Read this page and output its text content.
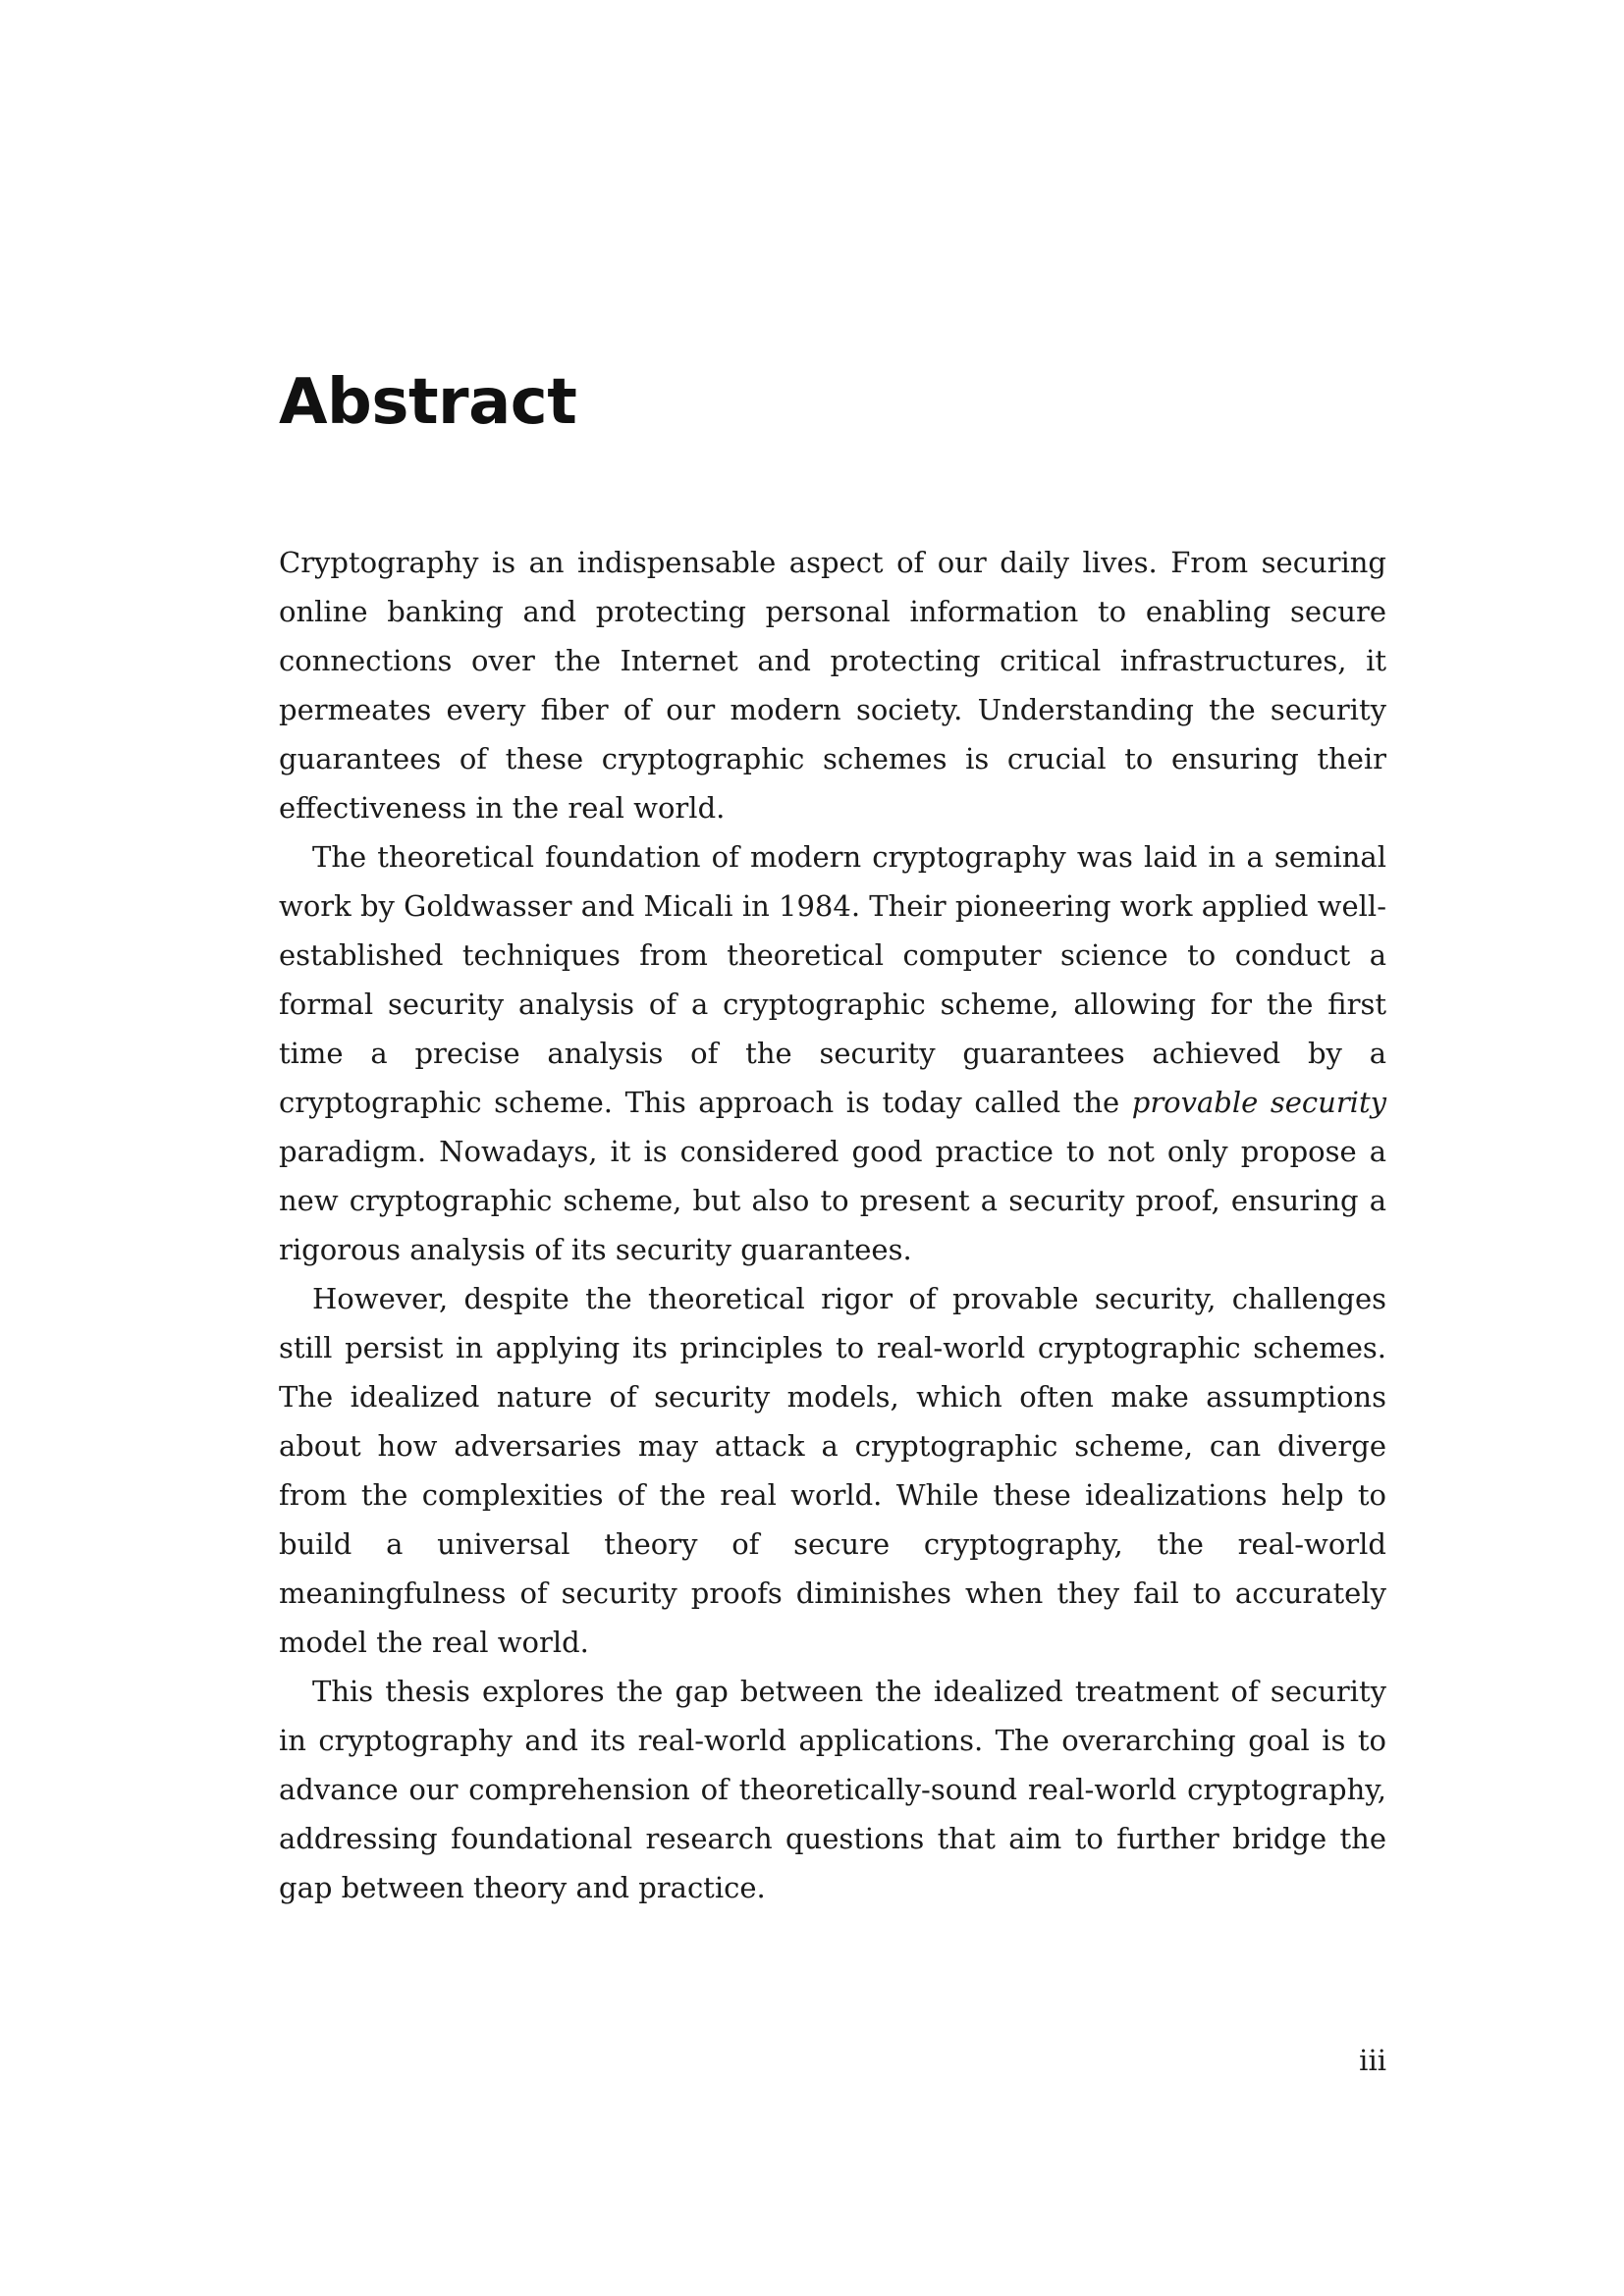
Abstract

Cryptography is an indispensable aspect of our daily lives. From securing online banking and protecting personal information to enabling secure connections over the Internet and protecting critical infrastructures, it permeates every fiber of our modern society. Understanding the security guarantees of these cryptographic schemes is crucial to ensuring their effectiveness in the real world.

The theoretical foundation of modern cryptography was laid in a seminal work by Goldwasser and Micali in 1984. Their pioneering work applied well-established techniques from theoretical computer science to conduct a formal security analysis of a cryptographic scheme, allowing for the first time a precise analysis of the security guarantees achieved by a cryptographic scheme. This approach is today called the provable security paradigm. Nowadays, it is considered good practice to not only propose a new cryptographic scheme, but also to present a security proof, ensuring a rigorous analysis of its security guarantees.

However, despite the theoretical rigor of provable security, challenges still persist in applying its principles to real-world cryptographic schemes. The idealized nature of security models, which often make assumptions about how adversaries may attack a cryptographic scheme, can diverge from the complexities of the real world. While these idealizations help to build a universal theory of secure cryptography, the real-world meaningfulness of security proofs diminishes when they fail to accurately model the real world.

This thesis explores the gap between the idealized treatment of security in cryptography and its real-world applications. The overarching goal is to advance our comprehension of theoretically-sound real-world cryptography, addressing foundational research questions that aim to further bridge the gap between theory and practice.

iii
